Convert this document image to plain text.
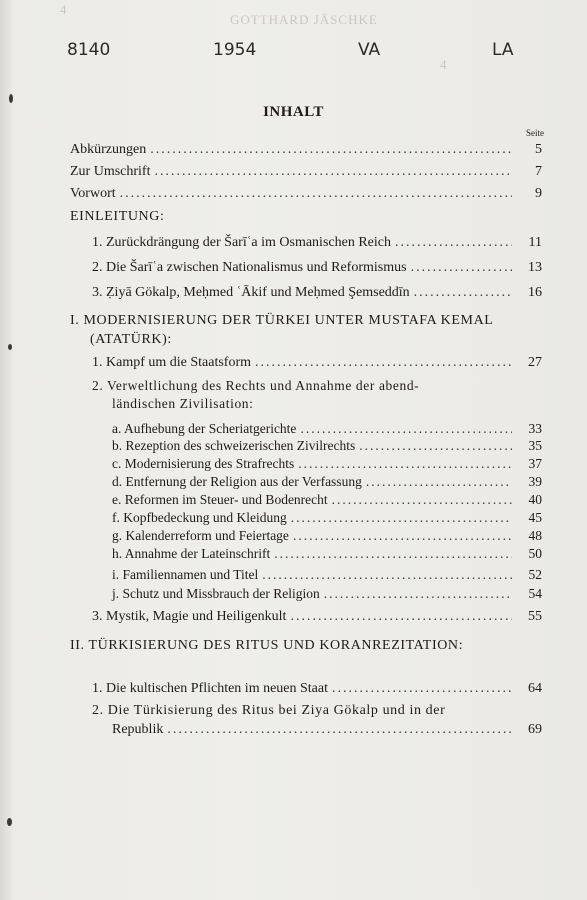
4
GOTTHARD JÄSCHKE
4
8140	1954	VA	LA
INHALT
Seite
Abkürzungen .....	5
Zur Umschrift .....	7
Vorwort .....	9
EINLEITUNG:
1. Zurückdrängung der Šarīʿa im Osmanischen Reich .....	11
2. Die Šarīʿa zwischen Nationalismus und Reformismus .....	13
3. Ẓiyā Gökalp, Meḥmed ʿĀkif und Meḥmed Şemseddīn .....	16
I. MODERNISIERUNG DER TÜRKEI UNTER MUSTAFA KEMAL (ATATÜRK):
1. Kampf um die Staatsform .....	27
2. Verweltlichung des Rechts und Annahme der abend-
ländischen Zivilisation:
a. Aufhebung der Scheriatgerichte .....	33
b. Rezeption des schweizerischen Zivilrechts .....	35
c. Modernisierung des Strafrechts .....	37
d. Entfernung der Religion aus der Verfassung .....	39
e. Reformen im Steuer- und Bodenrecht .....	40
f. Kopfbedeckung und Kleidung .....	45
g. Kalenderreform und Feiertage .....	48
h. Annahme der Lateinschrift .....	50
i. Familiennamen und Titel .....	52
j. Schutz und Missbrauch der Religion .....	54
3. Mystik, Magie und Heiligenkult .....	55
II. TÜRKISIERUNG DES RITUS UND KORANREZITATION:
1. Die kultischen Pflichten im neuen Staat .....	64
2. Die Türkisierung des Ritus bei Ziya Gökalp und in der
Republik .....	69
